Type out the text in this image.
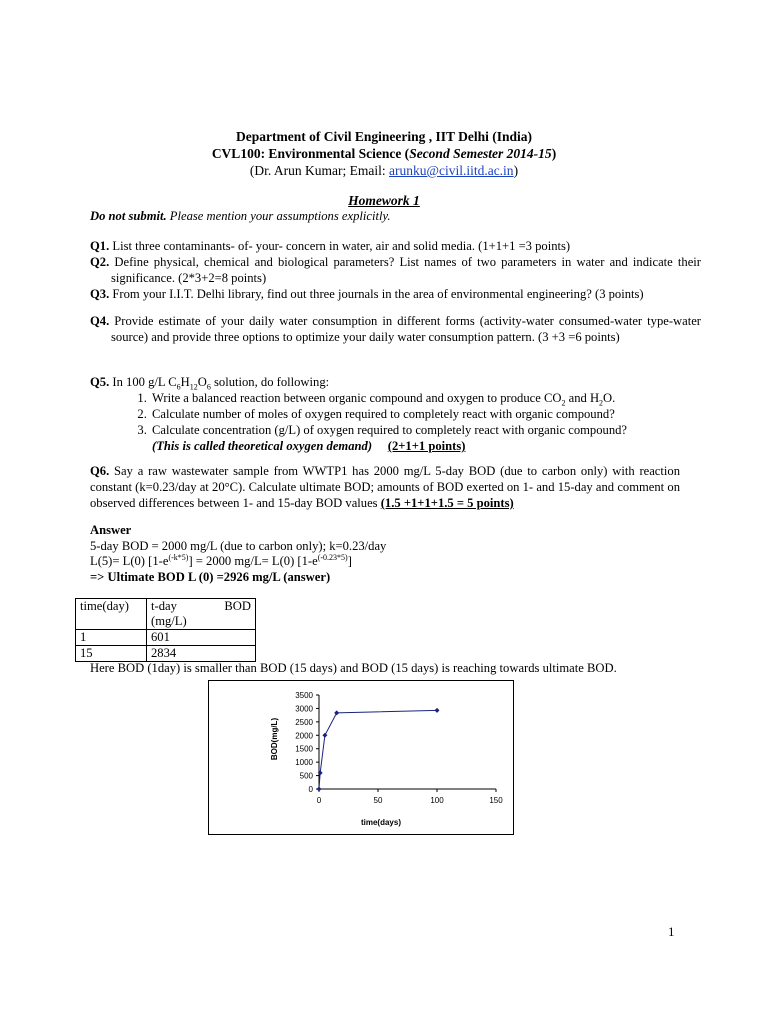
Department of Civil Engineering , IIT Delhi (India)
CVL100: Environmental Science (Second Semester 2014-15)
(Dr. Arun Kumar; Email: arunku@civil.iitd.ac.in)
Homework 1
Do not submit. Please mention your assumptions explicitly.
Q1. List three contaminants- of- your- concern in water, air and solid media. (1+1+1 =3 points)
Q2. Define physical, chemical and biological parameters? List names of two parameters in water and indicate their significance. (2*3+2=8 points)
Q3. From your I.I.T. Delhi library, find out three journals in the area of environmental engineering? (3 points)
Q4. Provide estimate of your daily water consumption in different forms (activity-water consumed-water type-water source) and provide three options to optimize your daily water consumption pattern. (3 +3 =6 points)
Q5. In 100 g/L $C_6H_{12}O_6$ solution, do following:
1. Write a balanced reaction between organic compound and oxygen to produce $CO_2$ and $H_2O$.
2. Calculate number of moles of oxygen required to completely react with organic compound?
3. Calculate concentration (g/L) of oxygen required to completely react with organic compound?
(This is called theoretical oxygen demand) (2+1+1 points)
Q6. Say a raw wastewater sample from WWTP1 has 2000 mg/L 5-day BOD (due to carbon only) with reaction constant (k=0.23/day at 20°C). Calculate ultimate BOD; amounts of BOD exerted on 1- and 15-day and comment on observed differences between 1- and 15-day BOD values (1.5 +1+1+1.5 = 5 points)
Answer
5-day BOD = 2000 mg/L (due to carbon only); k=0.23/day
L(5)= L(0) $[1-e^{(-k*5)}] = 2000$ mg/L= L(0) $[1-e^{(-0.23*5)}]$
=> Ultimate BOD L (0) =2926 mg/L (answer)
time(day)	t-day BOD

(mg/L)
1	601
15	2834
Here BOD (1day) is smaller than BOD (15 days) and BOD (15 days) is reaching towards ultimate BOD.
0
500
1000
1500
2000
2500
3000
3500
0	50	100	150
time(days)
BOD(mg/L)
1
